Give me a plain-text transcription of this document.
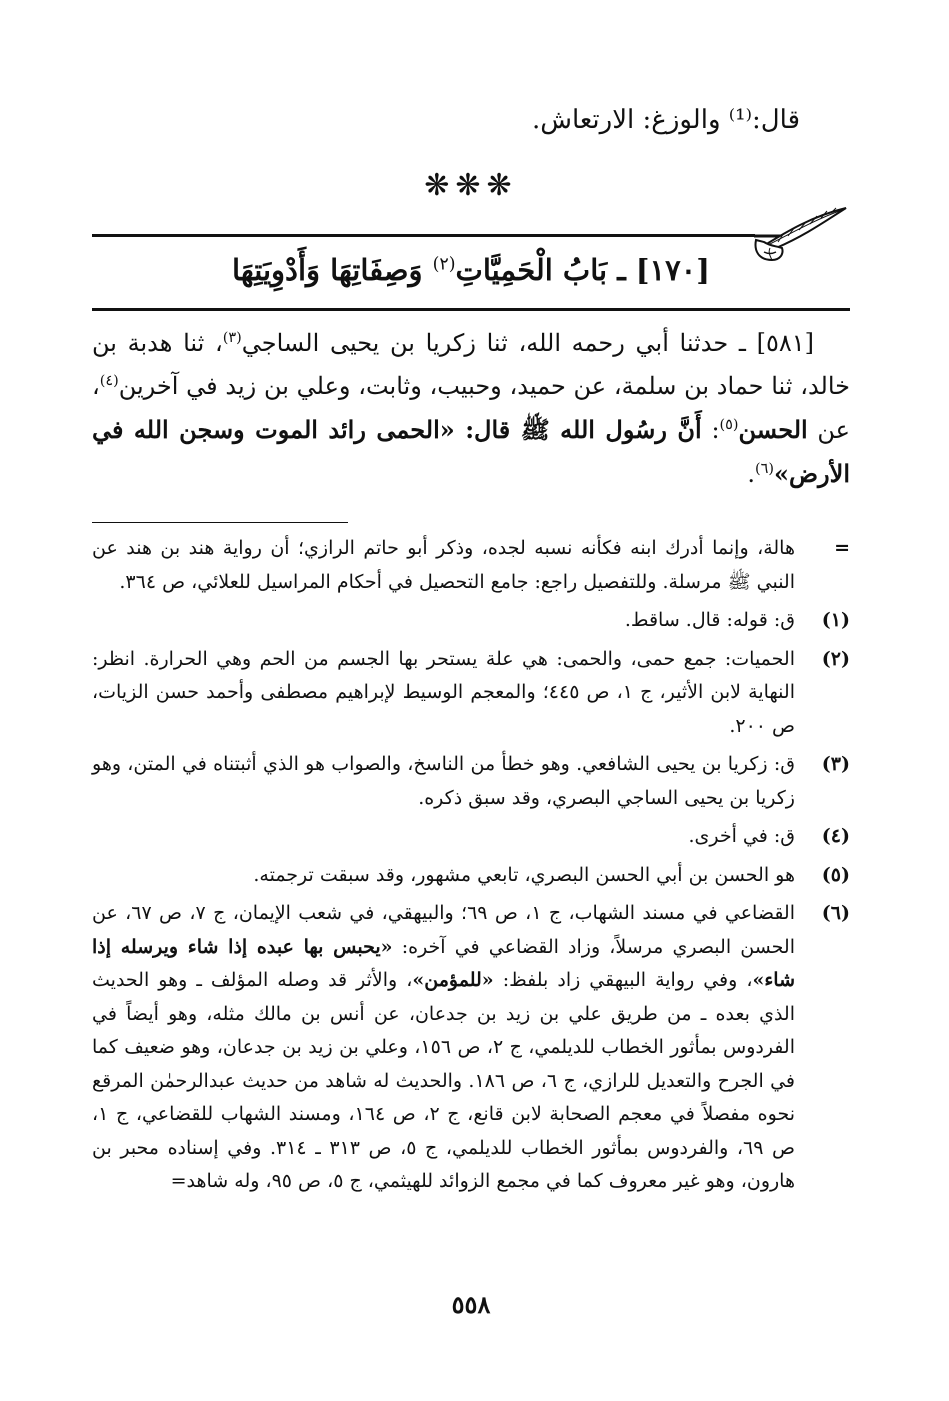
قال:⁽¹⁾ والوزغ: الارتعاش.
❋❋❋
[١٧٠] ـ بَابُ الْحَمِيَّاتِ$^{(٢)}$ وَصِفَاتِهَا وَأَدْوِيَتِهَا
[٥٨١] ـ حدثنا أبي رحمه الله، ثنا زكريا بن يحيى الساجي$^{(٣)}$، ثنا هدبة بن خالد، ثنا حماد بن سلمة، عن حميد، وحبيب، وثابت، وعلي بن زيد في آخرين$^{(٤)}$، عن الحسن$^{(٥)}$: أَنَّ رسُول الله ﷺ قال: «الحمى رائد الموت وسجن الله في الأرض»$^{(٦)}$.
=
هالة، وإنما أدرك ابنه فكأنه نسبه لجده، وذكر أبو حاتم الرازي؛ أن رواية هند بن هند عن النبي ﷺ مرسلة. وللتفصيل راجع: جامع التحصيل في أحكام المراسيل للعلائي، ص ٣٦٤.
(١)
ق: قوله: قال. ساقط.
(٢)
الحميات: جمع حمى، والحمى: هي علة يستحر بها الجسم من الحم وهي الحرارة. انظر: النهاية لابن الأثير، ج ١، ص ٤٤٥؛ والمعجم الوسيط لإبراهيم مصطفى وأحمد حسن الزيات، ص ٢٠٠.
(٣)
ق: زكريا بن يحيى الشافعي. وهو خطأ من الناسخ، والصواب هو الذي أثبتناه في المتن، وهو زكريا بن يحيى الساجي البصري، وقد سبق ذكره.
(٤)
ق: في أخرى.
(٥)
هو الحسن بن أبي الحسن البصري، تابعي مشهور، وقد سبقت ترجمته.
(٦)
القضاعي في مسند الشهاب، ج ١، ص ٦٩؛ والبيهقي، في شعب الإيمان، ج ٧، ص ٦٧، عن الحسن البصري مرسلاً، وزاد القضاعي في آخره: «يحبس بها عبده إذا شاء ويرسله إذا شاء»، وفي رواية البيهقي زاد بلفظ: «للمؤمن»، والأثر قد وصله المؤلف ـ وهو الحديث الذي بعده ـ من طريق علي بن زيد بن جدعان، عن أنس بن مالك مثله، وهو أيضاً في الفردوس بمأثور الخطاب للديلمي، ج ٢، ص ١٥٦، وعلي بن زيد بن جدعان، وهو ضعيف كما في الجرح والتعديل للرازي، ج ٦، ص ١٨٦. والحديث له شاهد من حديث عبدالرحمٰن المرقع نحوه مفصلاً في معجم الصحابة لابن قانع، ج ٢، ص ١٦٤، ومسند الشهاب للقضاعي، ج ١، ص ٦٩، والفردوس بمأثور الخطاب للديلمي، ج ٥، ص ٣١٣ ـ ٣١٤. وفي إسناده محبر بن هارون، وهو غير معروف كما في مجمع الزوائد للهيثمي، ج ٥، ص ٩٥، وله شاهد=
٥٥٨
